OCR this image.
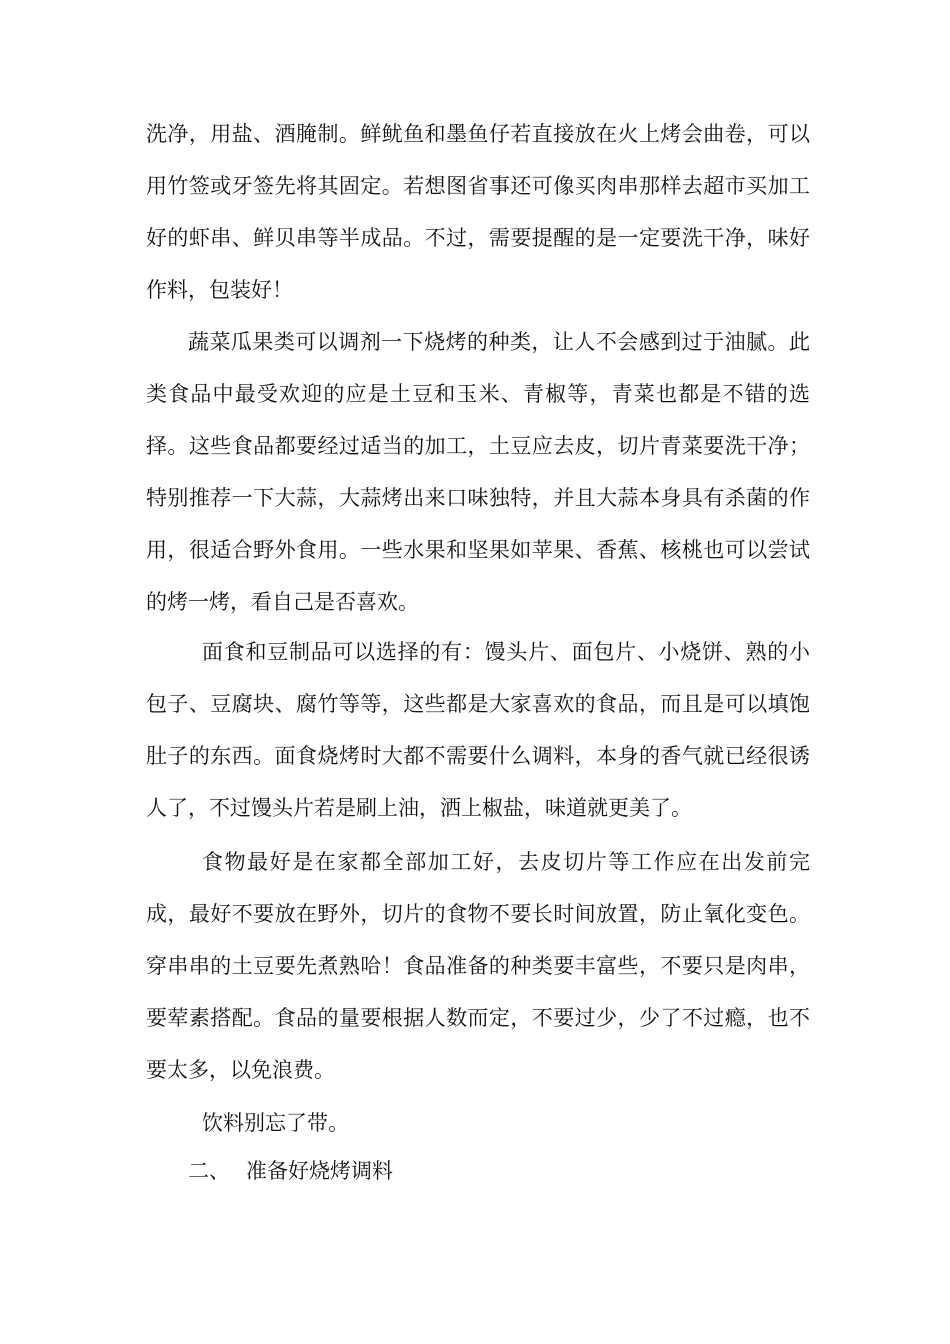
洗净，用盐、酒腌制。鲜鱿鱼和墨鱼仔若直接放在火上烤会曲卷，可以用竹签或牙签先将其固定。若想图省事还可像买肉串那样去超市买加工好的虾串、鲜贝串等半成品。不过，需要提醒的是一定要洗干净，味好作料，包装好！

蔬菜瓜果类可以调剂一下烧烤的种类，让人不会感到过于油腻。此类食品中最受欢迎的应是土豆和玉米、青椒等，青菜也都是不错的选择。这些食品都要经过适当的加工，土豆应去皮，切片青菜要洗干净；特别推荐一下大蒜，大蒜烤出来口味独特，并且大蒜本身具有杀菌的作用，很适合野外食用。一些水果和坚果如苹果、香蕉、核桃也可以尝试的烤一烤，看自己是否喜欢。

面食和豆制品可以选择的有：馒头片、面包片、小烧饼、熟的小包子、豆腐块、腐竹等等，这些都是大家喜欢的食品，而且是可以填饱肚子的东西。面食烧烤时大都不需要什么调料，本身的香气就已经很诱人了，不过馒头片若是刷上油，洒上椒盐，味道就更美了。

食物最好是在家都全部加工好，去皮切片等工作应在出发前完成，最好不要放在野外，切片的食物不要长时间放置，防止氧化变色。穿串串的土豆要先煮熟哈！食品准备的种类要丰富些，不要只是肉串，要荤素搭配。食品的量要根据人数而定，不要过少，少了不过瘾，也不要太多，以免浪费。

饮料别忘了带。

二、 准备好烧烤调料
